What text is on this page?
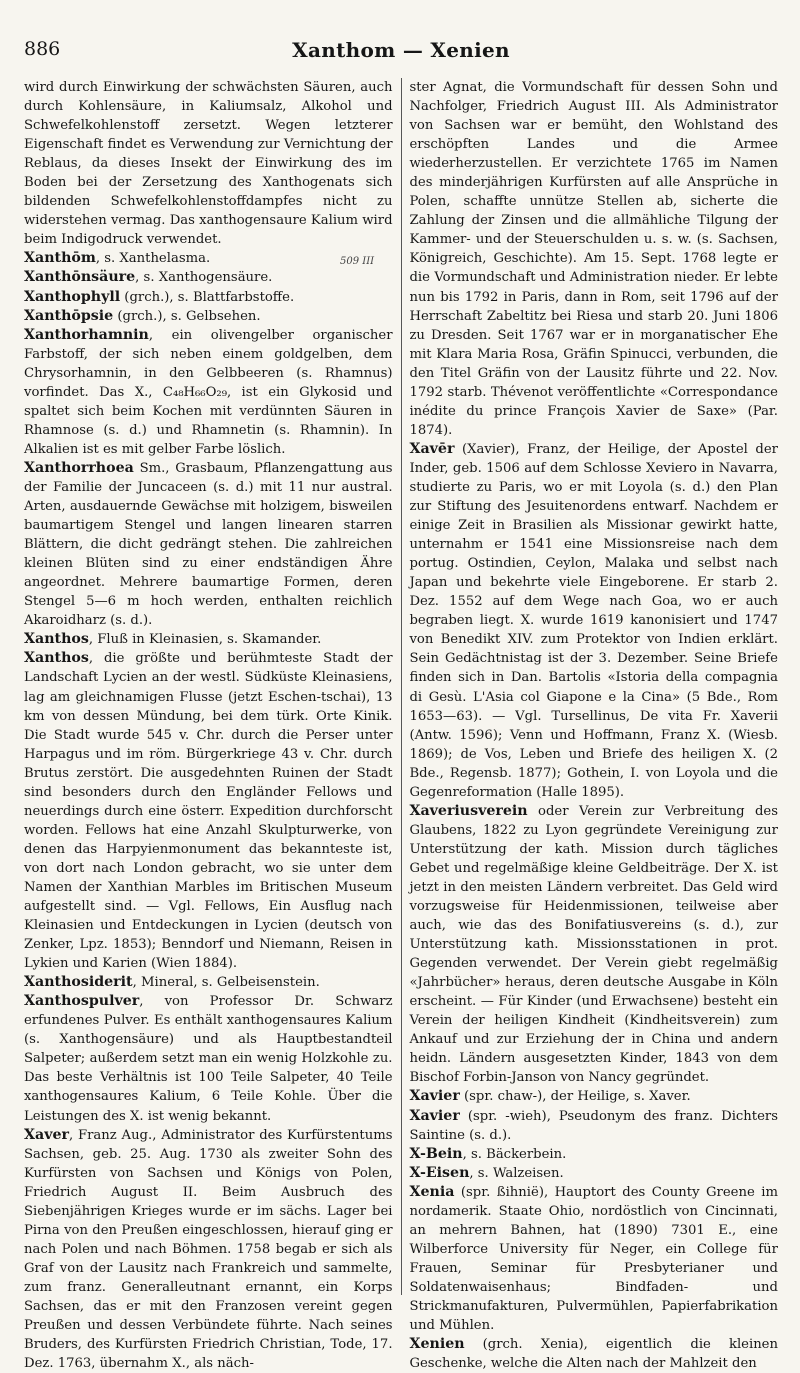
886	Xanthom — Xenien
509 III

wird durch Einwirkung der schwächsten Säuren, auch durch Kohlensäure, in Kaliumsalz, Alkohol und Schwefelkohlenstoff zersetzt. Wegen letzterer Eigenschaft findet es Verwendung zur Vernichtung der Reblaus, da dieses Insekt der Einwirkung des im Boden bei der Zersetzung des Xanthogenats sich bildenden Schwefelkohlenstoffdampfes nicht zu widerstehen vermag. Das xanthogensaure Kalium wird beim Indigodruck verwendet.

Xanthōm, s. Xanthelasma.

Xanthōnsäure, s. Xanthogensäure.

Xanthophyll (grch.), s. Blattfarbstoffe.

Xanthōpsie (grch.), s. Gelbsehen.

Xanthorhamnin, ein olivengelber organischer Farbstoff, der sich neben einem goldgelben, dem Chrysorhamnin, in den Gelbbeeren (s. Rhamnus) vorfindet. Das X., C₄₈H₆₆O₂₉, ist ein Glykosid und spaltet sich beim Kochen mit verdünnten Säuren in Rhamnose (s. d.) und Rhamnetin (s. Rhamnin). In Alkalien ist es mit gelber Farbe löslich.

Xanthorrhoea Sm., Grasbaum, Pflanzengattung aus der Familie der Juncaceen (s. d.) mit 11 nur austral. Arten, ausdauernde Gewächse mit holzigem, bisweilen baumartigem Stengel und langen linearen starren Blättern, die dicht gedrängt stehen. Die zahlreichen kleinen Blüten sind zu einer endständigen Ähre angeordnet. Mehrere baumartige Formen, deren Stengel 5—6 m hoch werden, enthalten reichlich Akaroidharz (s. d.).

Xanthos, Fluß in Kleinasien, s. Skamander.

Xanthos, die größte und berühmteste Stadt der Landschaft Lycien an der westl. Südküste Kleinasiens, lag am gleichnamigen Flusse (jetzt Eschen-tschai), 13 km von dessen Mündung, bei dem türk. Orte Kinik. Die Stadt wurde 545 v. Chr. durch die Perser unter Harpagus und im röm. Bürgerkriege 43 v. Chr. durch Brutus zerstört. Die ausgedehnten Ruinen der Stadt sind besonders durch den Engländer Fellows und neuerdings durch eine österr. Expedition durchforscht worden. Fellows hat eine Anzahl Skulpturwerke, von denen das Harpyienmonument das bekannteste ist, von dort nach London gebracht, wo sie unter dem Namen der Xanthian Marbles im Britischen Museum aufgestellt sind. — Vgl. Fellows, Ein Ausflug nach Kleinasien und Entdeckungen in Lycien (deutsch von Zenker, Lpz. 1853); Benndorf und Niemann, Reisen in Lykien und Karien (Wien 1884).

Xanthosiderit, Mineral, s. Gelbeisenstein.

Xanthospulver, von Professor Dr. Schwarz erfundenes Pulver. Es enthält xanthogensaures Kalium (s. Xanthogensäure) und als Hauptbestandteil Salpeter; außerdem setzt man ein wenig Holzkohle zu. Das beste Verhältnis ist 100 Teile Salpeter, 40 Teile xanthogensaures Kalium, 6 Teile Kohle. Über die Leistungen des X. ist wenig bekannt.

Xaver, Franz Aug., Administrator des Kurfürstentums Sachsen, geb. 25. Aug. 1730 als zweiter Sohn des Kurfürsten von Sachsen und Königs von Polen, Friedrich August II. Beim Ausbruch des Siebenjährigen Krieges wurde er im sächs. Lager bei Pirna von den Preußen eingeschlossen, hierauf ging er nach Polen und nach Böhmen. 1758 begab er sich als Graf von der Lausitz nach Frankreich und sammelte, zum franz. Generalleutnant ernannt, ein Korps Sachsen, das er mit den Franzosen vereint gegen Preußen und dessen Verbündete führte. Nach seines Bruders, des Kurfürsten Friedrich Christian, Tode, 17. Dez. 1763, übernahm X., als näch-

ster Agnat, die Vormundschaft für dessen Sohn und Nachfolger, Friedrich August III. Als Administrator von Sachsen war er bemüht, den Wohlstand des erschöpften Landes und die Armee wiederherzustellen. Er verzichtete 1765 im Namen des minderjährigen Kurfürsten auf alle Ansprüche in Polen, schaffte unnütze Stellen ab, sicherte die Zahlung der Zinsen und die allmähliche Tilgung der Kammer- und der Steuerschulden u. s. w. (s. Sachsen, Königreich, Geschichte). Am 15. Sept. 1768 legte er die Vormundschaft und Administration nieder. Er lebte nun bis 1792 in Paris, dann in Rom, seit 1796 auf der Herrschaft Zabeltitz bei Riesa und starb 20. Juni 1806 zu Dresden. Seit 1767 war er in morganatischer Ehe mit Klara Maria Rosa, Gräfin Spinucci, verbunden, die den Titel Gräfin von der Lausitz führte und 22. Nov. 1792 starb. Thévenot veröffentlichte «Correspondance inédite du prince François Xavier de Saxe» (Par. 1874).

Xavēr (Xavier), Franz, der Heilige, der Apostel der Inder, geb. 1506 auf dem Schlosse Xeviero in Navarra, studierte zu Paris, wo er mit Loyola (s. d.) den Plan zur Stiftung des Jesuitenordens entwarf. Nachdem er einige Zeit in Brasilien als Missionar gewirkt hatte, unternahm er 1541 eine Missionsreise nach dem portug. Ostindien, Ceylon, Malaka und selbst nach Japan und bekehrte viele Eingeborene. Er starb 2. Dez. 1552 auf dem Wege nach Goa, wo er auch begraben liegt. X. wurde 1619 kanonisiert und 1747 von Benedikt XIV. zum Protektor von Indien erklärt. Sein Gedächtnistag ist der 3. Dezember. Seine Briefe finden sich in Dan. Bartolis «Istoria della compagnia di Gesù. L'Asia col Giapone e la Cina» (5 Bde., Rom 1653—63). — Vgl. Tursellinus, De vita Fr. Xaverii (Antw. 1596); Venn und Hoffmann, Franz X. (Wiesb. 1869); de Vos, Leben und Briefe des heiligen X. (2 Bde., Regensb. 1877); Gothein, I. von Loyola und die Gegenreformation (Halle 1895).

Xaveriusverein oder Verein zur Verbreitung des Glaubens, 1822 zu Lyon gegründete Vereinigung zur Unterstützung der kath. Mission durch tägliches Gebet und regelmäßige kleine Geldbeiträge. Der X. ist jetzt in den meisten Ländern verbreitet. Das Geld wird vorzugsweise für Heidenmissionen, teilweise aber auch, wie das des Bonifatiusvereins (s. d.), zur Unterstützung kath. Missionsstationen in prot. Gegenden verwendet. Der Verein giebt regelmäßig «Jahrbücher» heraus, deren deutsche Ausgabe in Köln erscheint. — Für Kinder (und Erwachsene) besteht ein Verein der heiligen Kindheit (Kindheitsverein) zum Ankauf und zur Erziehung der in China und andern heidn. Ländern ausgesetzten Kinder, 1843 von dem Bischof Forbin-Janson von Nancy gegründet.

Xavier (spr. chaw-), der Heilige, s. Xaver.

Xavier (spr. -wieh), Pseudonym des franz. Dichters Saintine (s. d.).

X-Bein, s. Bäckerbein.

X-Eisen, s. Walzeisen.

Xenia (spr. ßihnië), Hauptort des County Greene im nordamerik. Staate Ohio, nordöstlich von Cincinnati, an mehrern Bahnen, hat (1890) 7301 E., eine Wilberforce University für Neger, ein College für Frauen, Seminar für Presbyterianer und Soldatenwaisenhaus; Bindfaden- und Strickmanufakturen, Pulvermühlen, Papierfabrikation und Mühlen.

Xenien (grch. Xenia), eigentlich die kleinen Geschenke, welche die Alten nach der Mahlzeit den
